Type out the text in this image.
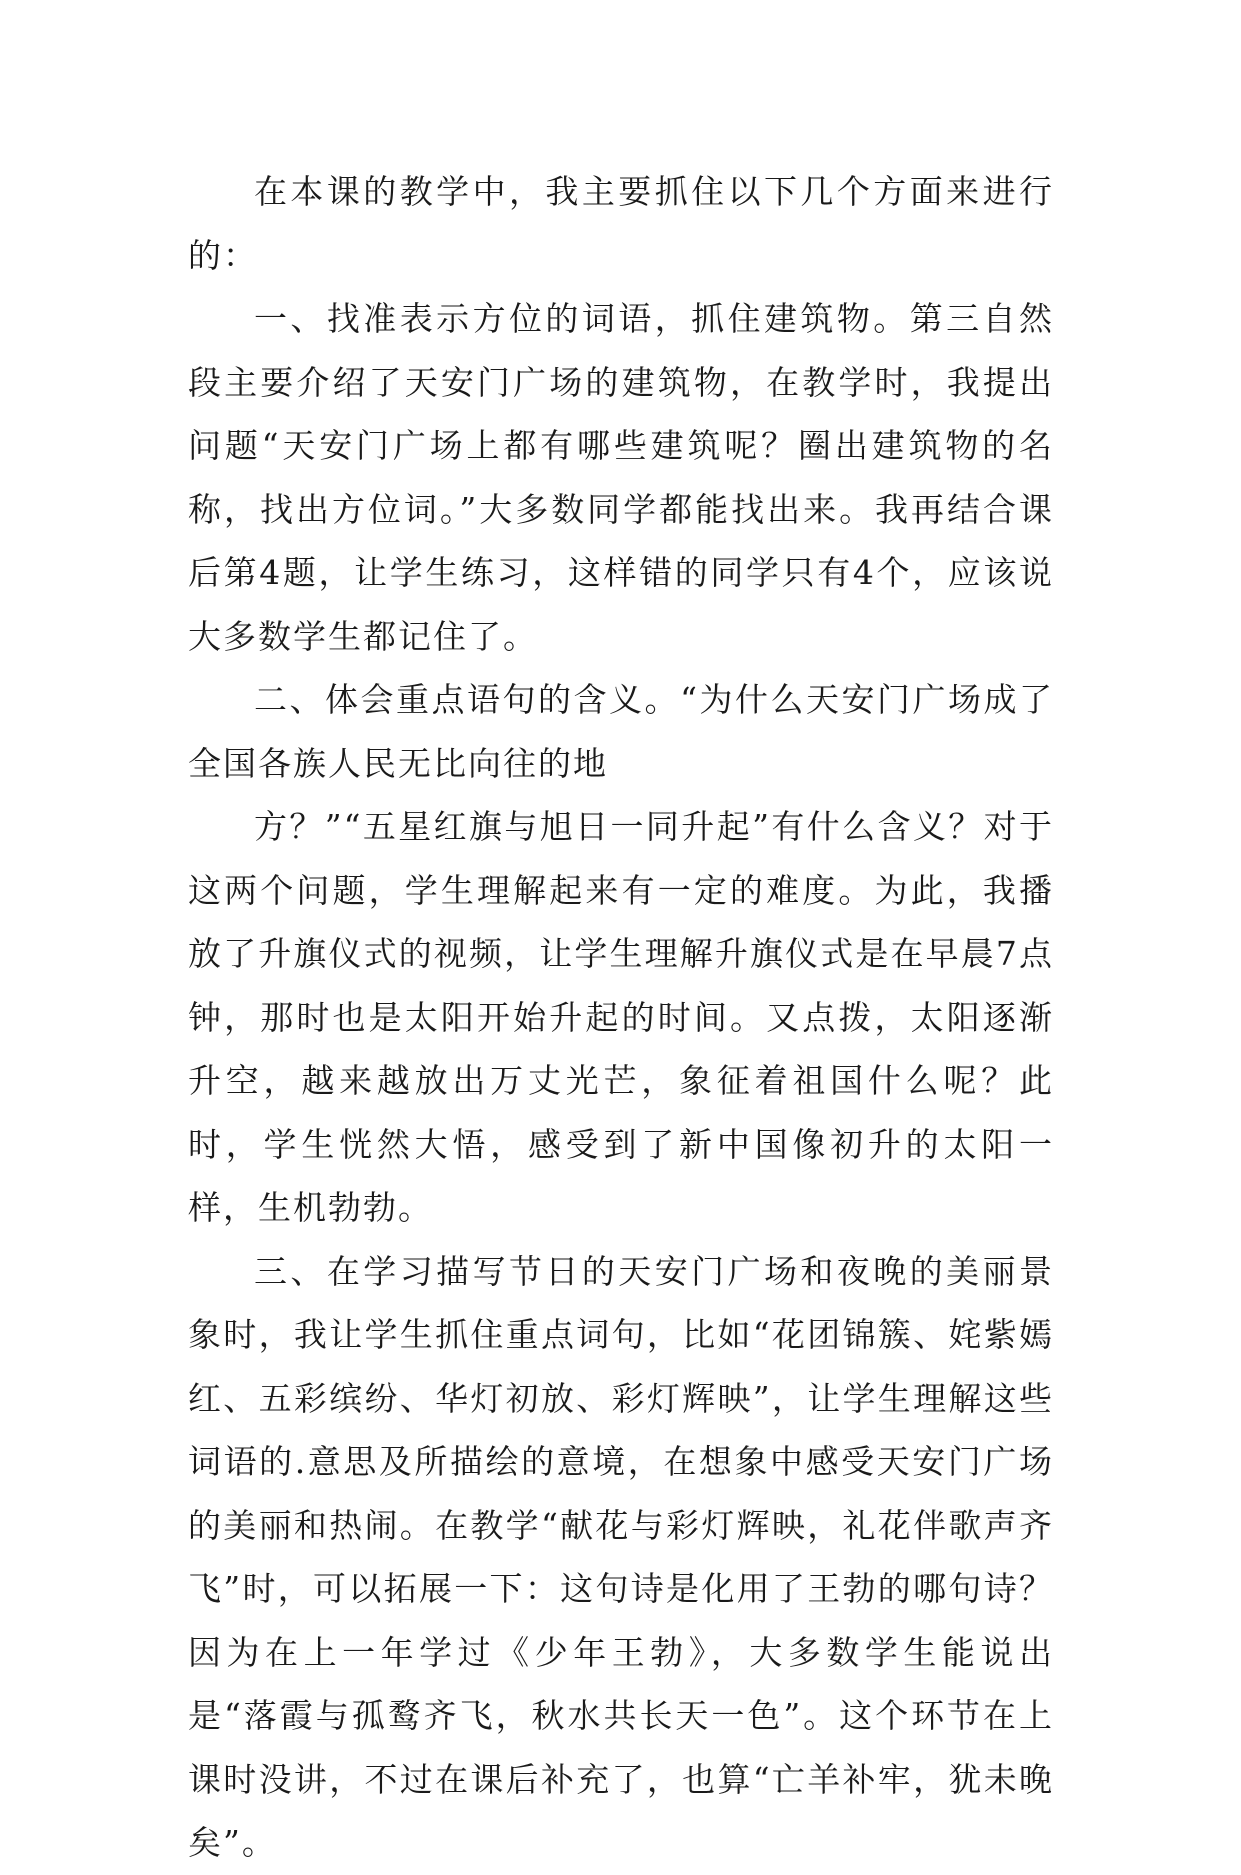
在本课的教学中，我主要抓住以下几个方面来进行的：

一、找准表示方位的词语，抓住建筑物。第三自然段主要介绍了天安门广场的建筑物，在教学时，我提出问题“天安门广场上都有哪些建筑呢？圈出建筑物的名称，找出方位词。”大多数同学都能找出来。我再结合课后第4题，让学生练习，这样错的同学只有4个，应该说大多数学生都记住了。

二、体会重点语句的含义。“为什么天安门广场成了全国各族人民无比向往的地

方？”“五星红旗与旭日一同升起”有什么含义？对于这两个问题，学生理解起来有一定的难度。为此，我播放了升旗仪式的视频，让学生理解升旗仪式是在早晨7点钟，那时也是太阳开始升起的时间。又点拨，太阳逐渐升空，越来越放出万丈光芒，象征着祖国什么呢？此时，学生恍然大悟，感受到了新中国像初升的太阳一样，生机勃勃。

三、在学习描写节日的天安门广场和夜晚的美丽景象时，我让学生抓住重点词句，比如“花团锦簇、姹紫嫣红、五彩缤纷、华灯初放、彩灯辉映”，让学生理解这些词语的.意思及所描绘的意境，在想象中感受天安门广场的美丽和热闹。在教学“献花与彩灯辉映，礼花伴歌声齐飞”时，可以拓展一下：这句诗是化用了王勃的哪句诗？因为在上一年学过《少年王勃》，大多数学生能说出是“落霞与孤鹜齐飞，秋水共长天一色”。这个环节在上课时没讲，不过在课后补充了，也算“亡羊补牢，犹未晚矣”。
